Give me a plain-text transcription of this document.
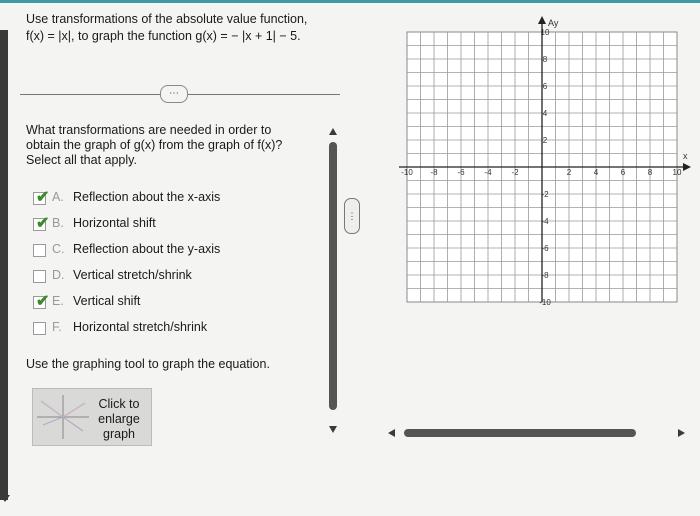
Use transformations of the absolute value function,
f(x) = |x|, to graph the function g(x) = − |x + 1| − 5.
⋯
What transformations are needed in order to
obtain the graph of g(x) from the graph of f(x)?
Select all that apply.
✔ A. Reflection about the x-axis
✔ B. Horizontal shift
C. Reflection about the y-axis
D. Vertical stretch/shrink
✔ E. Vertical shift
F. Horizontal stretch/shrink
Use the graphing tool to graph the equation.
Click to
enlarge
graph
⋮
x
Ay
-10 -8 -6 -4 -2	2	4	6	8	10
10
8
6
4
2
-2
-4
-6
-8
-10
